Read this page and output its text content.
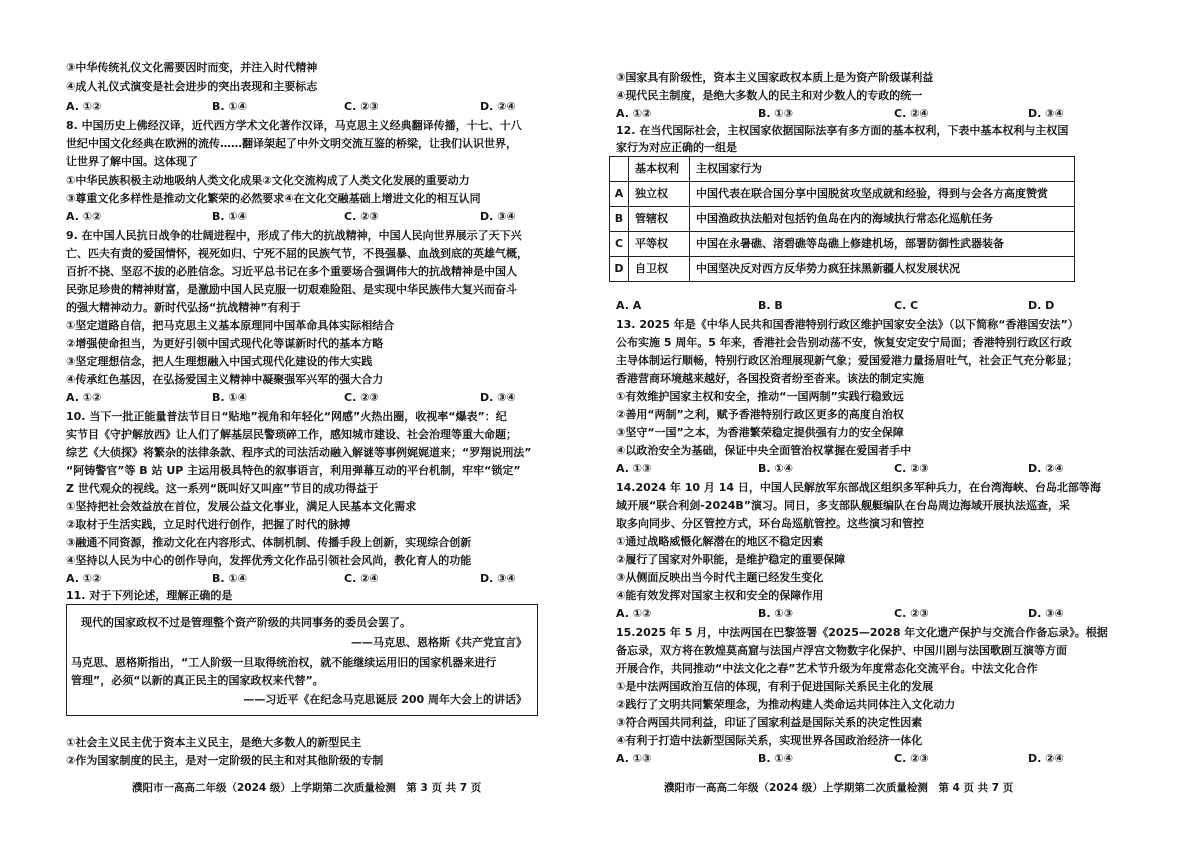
③中华传统礼仪文化需要因时而变，并注入时代精神
④成人礼仪式演变是社会进步的突出表现和主要标志
A. ①②	B. ①④	C. ②③	D. ②④
8. 中国历史上佛经汉译，近代西方学术文化著作汉译，马克思主义经典翻译传播，十七、十八
世纪中国文化经典在欧洲的流传……翻译架起了中外文明交流互鉴的桥梁，让我们认识世界，
让世界了解中国。这体现了
①中华民族积极主动地吸纳人类文化成果②文化交流构成了人类文化发展的重要动力
③尊重文化多样性是推动文化繁荣的必然要求④在文化交融基础上增进文化的相互认同
A. ①②	B. ①④	C. ②③	D. ③④
9. 在中国人民抗日战争的壮阔进程中，形成了伟大的抗战精神，中国人民向世界展示了天下兴
亡、匹夫有责的爱国情怀，视死如归、宁死不屈的民族气节，不畏强暴、血战到底的英雄气概，
百折不挠、坚忍不拔的必胜信念。习近平总书记在多个重要场合强调伟大的抗战精神是中国人
民弥足珍贵的精神财富，是激励中国人民克服一切艰难险阻、是实现中华民族伟大复兴而奋斗
的强大精神动力。新时代弘扬“抗战精神”有利于
①坚定道路自信，把马克思主义基本原理同中国革命具体实际相结合
②增强使命担当，为更好引领中国式现代化等谋新时代的基本方略
③坚定理想信念，把人生理想融入中国式现代化建设的伟大实践
④传承红色基因，在弘扬爱国主义精神中凝聚强军兴军的强大合力
A. ①②	B. ①④	C. ②③	D. ③④
10. 当下一批正能量普法节目日“贴地”视角和年轻化“网感”火热出圈，收视率“爆表”：纪
实节目《守护解放西》让人们了解基层民警琐碎工作，感知城市建设、社会治理等重大命题；
综艺《大侦探》将繁杂的法律条款、程序式的司法活动融入解谜等事例娓娓道来；“罗翔说刑法”
“阿铸警官”等 B 站 UP 主运用极具特色的叙事语言，利用弹幕互动的平台机制，牢牢“锁定”
Z 世代观众的视线。这一系列“既叫好又叫座”节目的成功得益于
①坚持把社会效益放在首位，发展公益文化事业，满足人民基本文化需求
②取材于生活实践，立足时代进行创作，把握了时代的脉搏
③融通不同资源，推动文化在内容形式、体制机制、传播手段上创新，实现综合创新
④坚持以人民为中心的创作导向，发挥优秀文化作品引领社会风尚，教化育人的功能
A. ①②	B. ①④	C. ②④	D. ③④
11. 对于下列论述，理解正确的是
现代的国家政权不过是管理整个资产阶级的共同事务的委员会罢了。
——马克思、恩格斯《共产党宣言》
马克思、恩格斯指出，“工人阶级一旦取得统治权，就不能继续运用旧的国家机器来进行
管理”，必须“以新的真正民主的国家政权来代替”。
——习近平《在纪念马克思诞辰 200 周年大会上的讲话》
①社会主义民主优于资本主义民主，是绝大多数人的新型民主
②作为国家制度的民主，是对一定阶级的民主和对其他阶级的专制
濮阳市一高高二年级（2024 级）上学期第二次质量检测　第 3 页 共 7 页
③国家具有阶级性，资本主义国家政权本质上是为资产阶级谋利益
④现代民主制度，是绝大多数人的民主和对少数人的专政的统一
A. ①②	B. ①③	C. ②④	D. ③④
12. 在当代国际社会，主权国家依据国际法享有多方面的基本权利，下表中基本权利与主权国
家行为对应正确的一组是
	基本权利	主权国家行为
A	独立权	中国代表在联合国分享中国脱贫攻坚成就和经验，得到与会各方高度赞赏
B	管辖权	中国渔政执法船对包括钓鱼岛在内的海域执行常态化巡航任务
C	平等权	中国在永暑礁、渚碧礁等岛礁上修建机场，部署防御性武器装备
D	自卫权	中国坚决反对西方反华势力疯狂抹黑新疆人权发展状况
A. A	B. B	C. C	D. D
13. 2025 年是《中华人民共和国香港特别行政区维护国家安全法》（以下简称“香港国安法”）
公布实施 5 周年。5 年来，香港社会告别动荡不安，恢复安定安宁局面；香港特别行政区行政
主导体制运行顺畅，特别行政区治理展现新气象；爱国爱港力量扬眉吐气，社会正气充分彰显；
香港营商环境越来越好，各国投资者纷至沓来。该法的制定实施
①有效维护国家主权和安全，推动“一国两制”实践行稳致远
②善用“两制”之利，赋予香港特别行政区更多的高度自治权
③坚守“一国”之本，为香港繁荣稳定提供强有力的安全保障
④以政治安全为基础，保证中央全面管治权掌握在爱国者手中
A. ①③	B. ①④	C. ②③	D. ②④
14.2024 年 10 月 14 日，中国人民解放军东部战区组织多军种兵力，在台湾海峡、台岛北部等海
域开展“联合利剑-2024B”演习。同日，多支部队舰艇编队在台岛周边海域开展执法巡查，采
取多向同步、分区管控方式，环台岛巡航管控。这些演习和管控
①通过战略威慑化解潜在的地区不稳定因素
②履行了国家对外职能，是维护稳定的重要保障
③从侧面反映出当今时代主题已经发生变化
④能有效发挥对国家主权和安全的保障作用
A. ①②	B. ①③	C. ②③	D. ③④
15.2025 年 5 月，中法两国在巴黎签署《2025—2028 年文化遗产保护与交流合作备忘录》。根据
备忘录，双方将在敦煌莫高窟与法国卢浮宫文物数字化保护、中国川剧与法国歌剧互演等方面
开展合作，共同推动“中法文化之春”艺术节升级为年度常态化交流平台。中法文化合作
①是中法两国政治互信的体现，有利于促进国际关系民主化的发展
②践行了文明共同繁荣理念，为推动构建人类命运共同体注入文化动力
③符合两国共同利益，印证了国家利益是国际关系的决定性因素
④有利于打造中法新型国际关系，实现世界各国政治经济一体化
A. ①③	B. ①④	C. ②③	D. ②④
濮阳市一高高二年级（2024 级）上学期第二次质量检测　第 4 页 共 7 页
